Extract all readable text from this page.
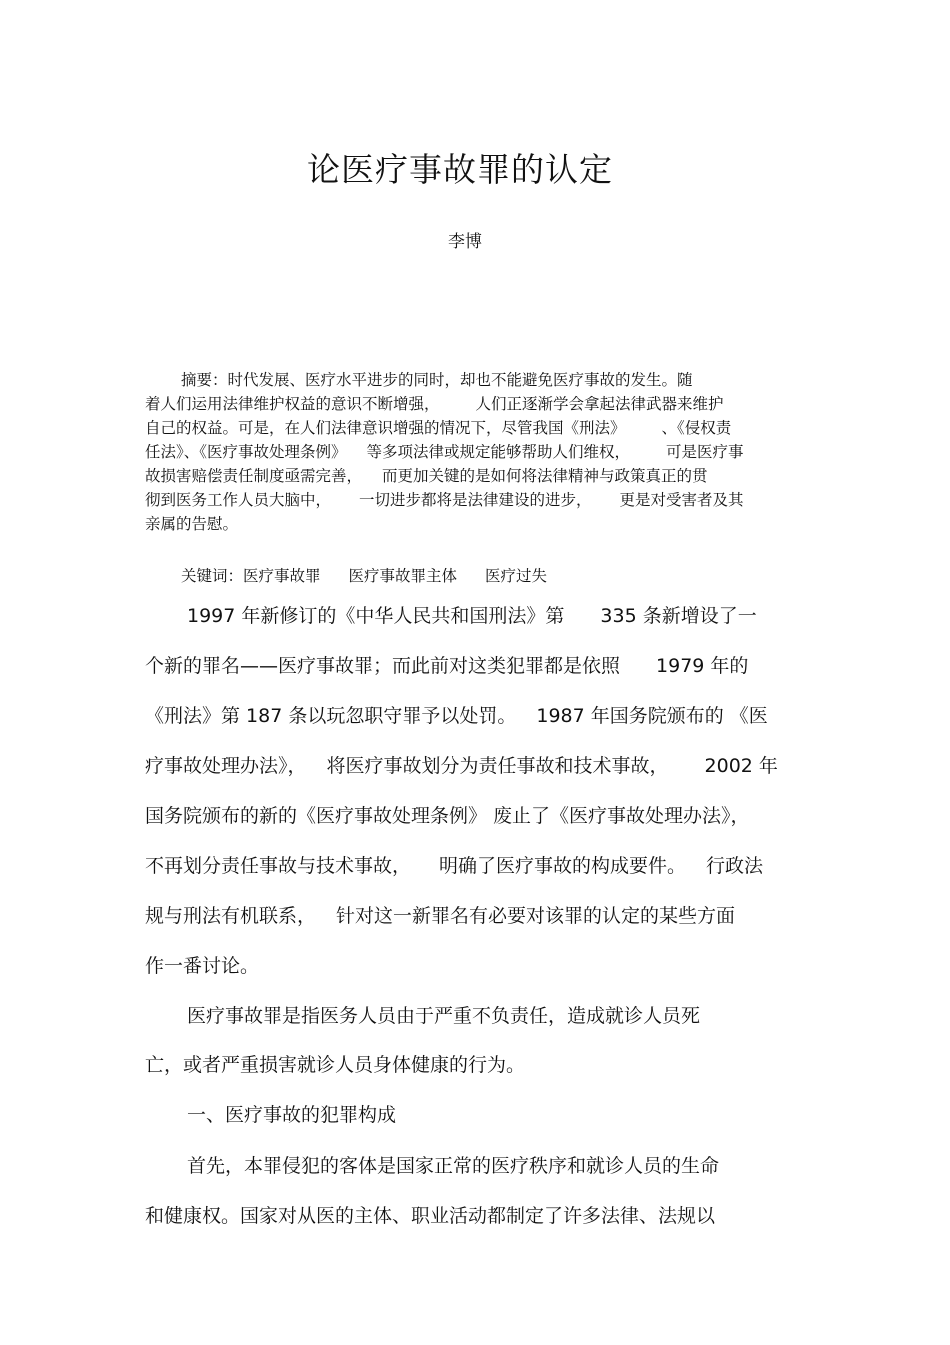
论医疗事故罪的认定
李博
摘要：时代发展、医疗水平进步的同时，却也不能避免医疗事故的发生。随
着人们运用法律维护权益的意识不断增强， 人们正逐渐学会拿起法律武器来维护
自己的权益。可是，在人们法律意识增强的情况下，尽管我国《刑法》 、《侵权责
任法》、《医疗事故处理条例》 等多项法律或规定能够帮助人们维权， 可是医疗事
故损害赔偿责任制度亟需完善， 而更加关键的是如何将法律精神与政策真正的贯
彻到医务工作人员大脑中， 一切进步都将是法律建设的进步， 更是对受害者及其
亲属的告慰。
关键词：医疗事故罪 医疗事故罪主体 医疗过失
1997 年新修订的《中华人民共和国刑法》第 335 条新增设了一
个新的罪名——医疗事故罪；而此前对这类犯罪都是依照 1979 年的
《刑法》第 187 条以玩忽职守罪予以处罚。 1987 年国务院颁布的 《医
疗事故处理办法》， 将医疗事故划分为责任事故和技术事故， 2002 年
国务院颁布的新的《医疗事故处理条例》 废止了《医疗事故处理办法》，
不再划分责任事故与技术事故， 明确了医疗事故的构成要件。 行政法
规与刑法有机联系， 针对这一新罪名有必要对该罪的认定的某些方面
作一番讨论。
医疗事故罪是指医务人员由于严重不负责任，造成就诊人员死
亡，或者严重损害就诊人员身体健康的行为。
一、医疗事故的犯罪构成
首先，本罪侵犯的客体是国家正常的医疗秩序和就诊人员的生命
和健康权。国家对从医的主体、职业活动都制定了许多法律、法规以
